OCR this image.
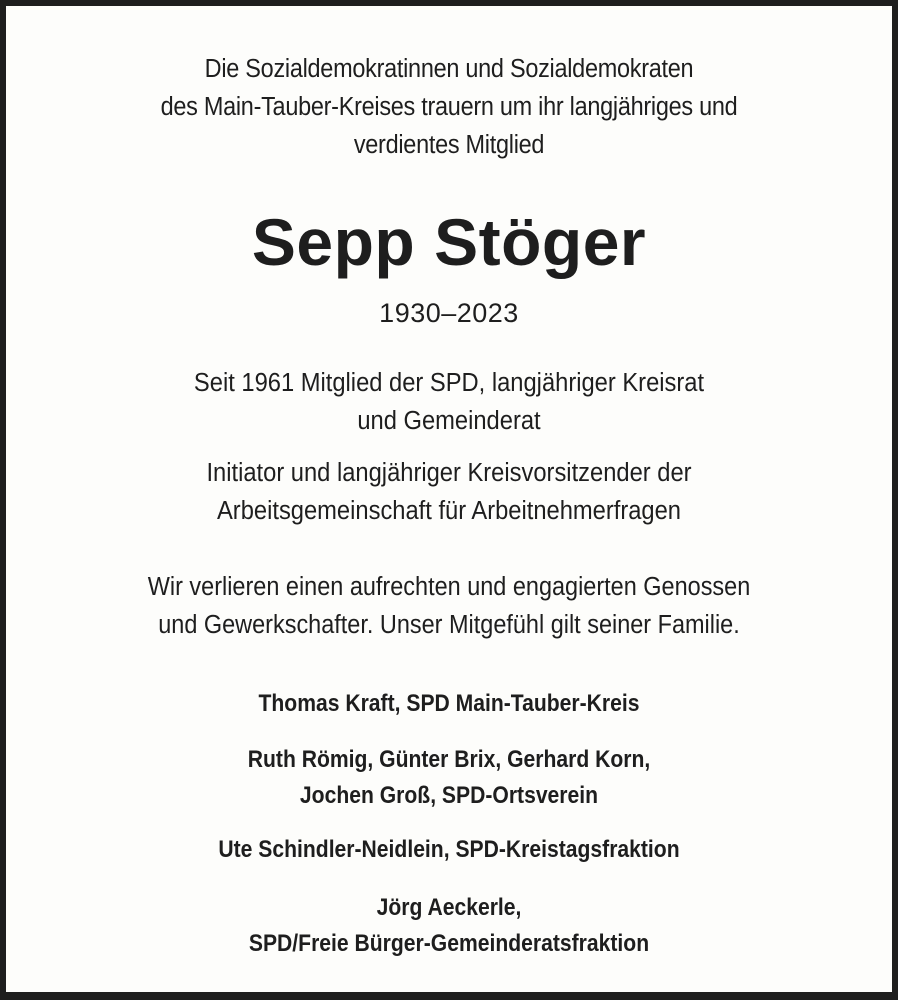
Die Sozialdemokratinnen und Sozialdemokraten
des Main-Tauber-Kreises trauern um ihr langjähriges und
verdientes Mitglied
Sepp Stöger
1930–2023
Seit 1961 Mitglied der SPD, langjähriger Kreisrat
und Gemeinderat
Initiator und langjähriger Kreisvorsitzender der
Arbeitsgemeinschaft für Arbeitnehmerfragen
Wir verlieren einen aufrechten und engagierten Genossen
und Gewerkschafter. Unser Mitgefühl gilt seiner Familie.
Thomas Kraft, SPD Main-Tauber-Kreis
Ruth Römig, Günter Brix, Gerhard Korn,
Jochen Groß, SPD-Ortsverein
Ute Schindler-Neidlein, SPD-Kreistagsfraktion
Jörg Aeckerle,
SPD/Freie Bürger-Gemeinderatsfraktion
